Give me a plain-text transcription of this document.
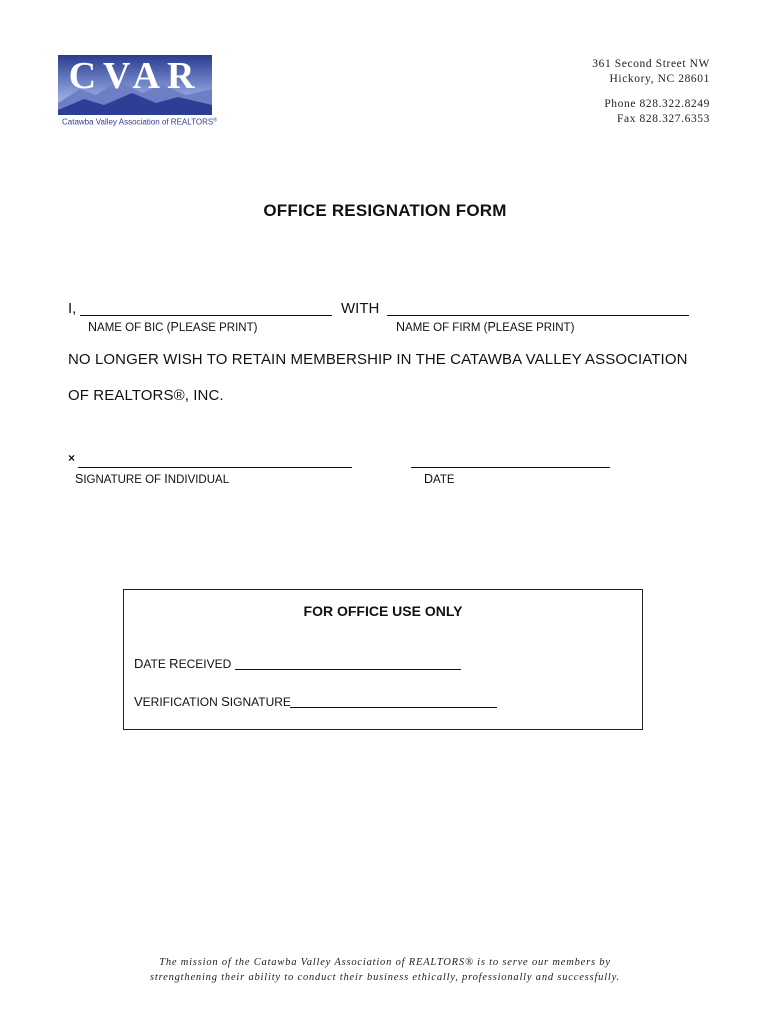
CVAR
Catawba Valley Association of REALTORS®
361 Second Street NW
Hickory, NC 28601
Phone 828.322.8249
Fax 828.327.6353
OFFICE RESIGNATION FORM
I,	WITH
NAME OF BIC (PLEASE PRINT)	NAME OF FIRM (PLEASE PRINT)
NO LONGER WISH TO RETAIN MEMBERSHIP IN THE CATAWBA VALLEY ASSOCIATION
OF REALTORS®, INC.
×
SIGNATURE OF INDIVIDUAL	DATE
FOR OFFICE USE ONLY
DATE RECEIVED
VERIFICATION SIGNATURE
The mission of the Catawba Valley Association of REALTORS® is to serve our members by
strengthening their ability to conduct their business ethically, professionally and successfully.
